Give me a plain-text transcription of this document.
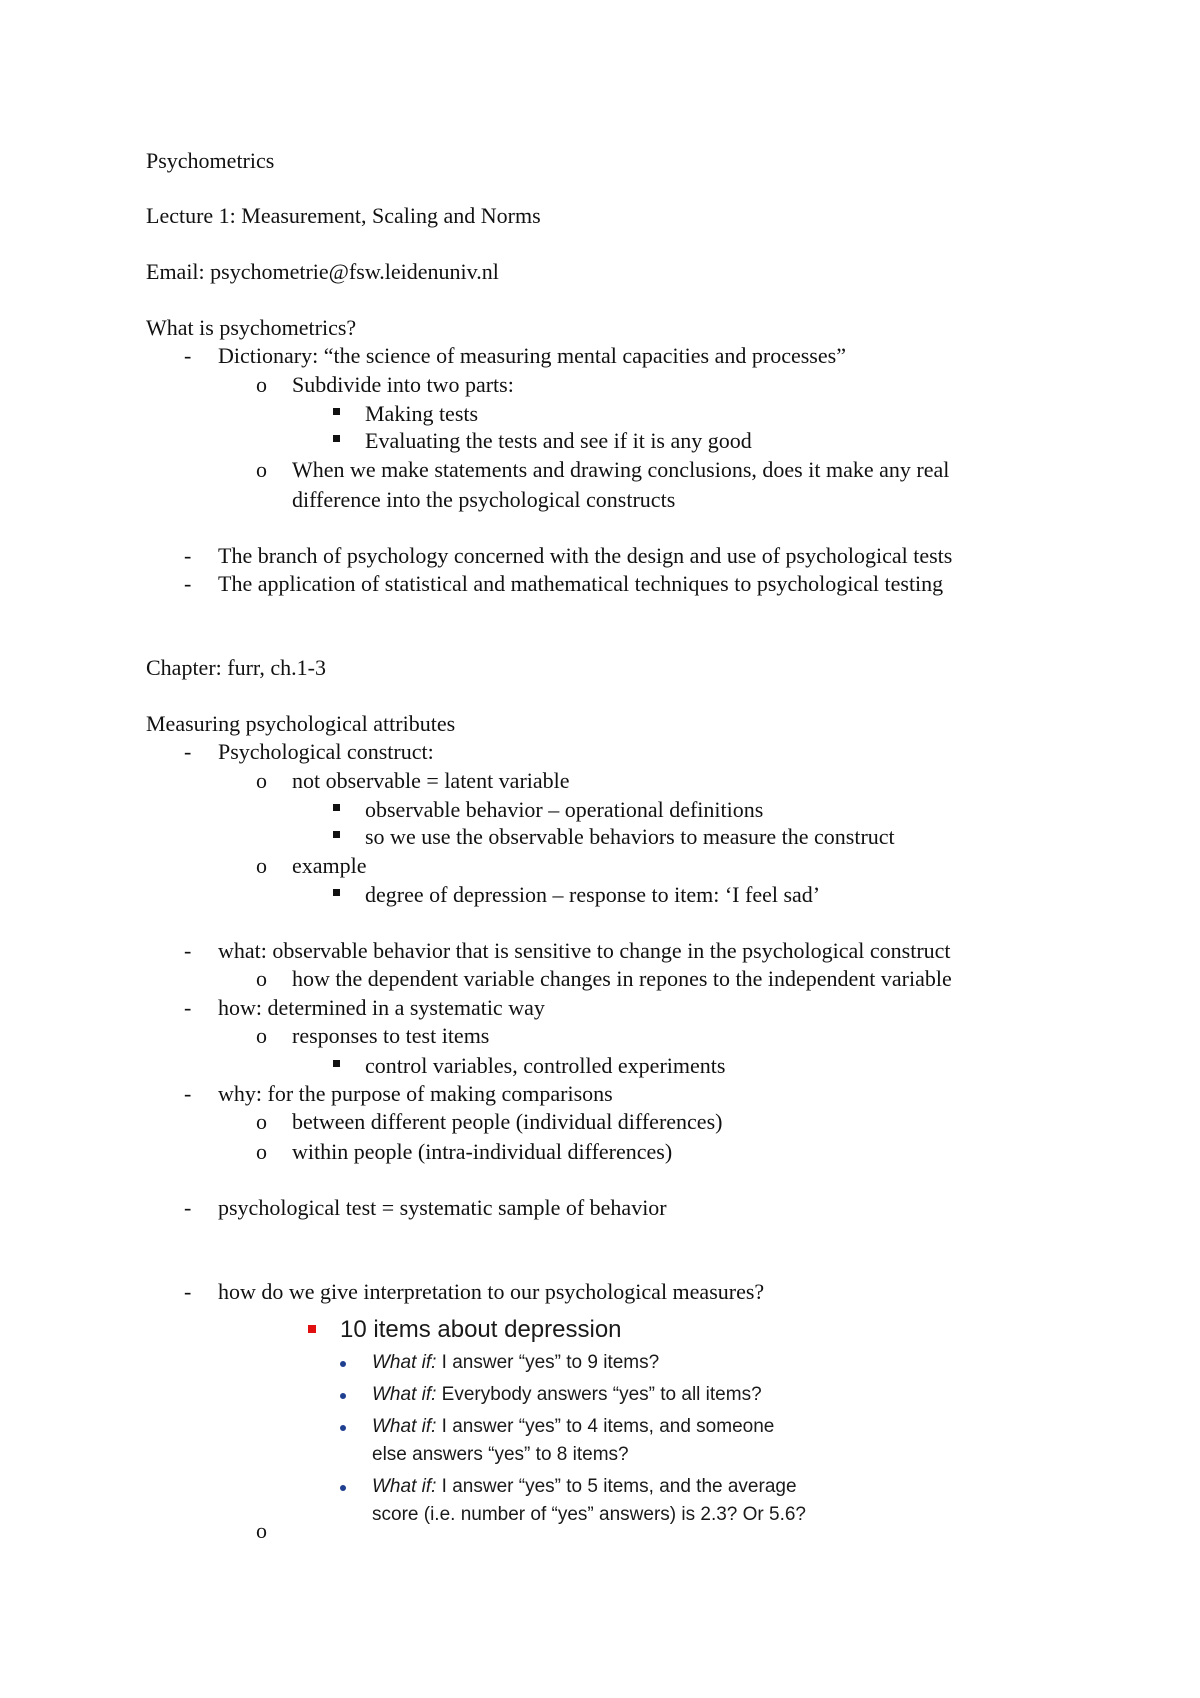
Psychometrics
Lecture 1: Measurement, Scaling and Norms
Email: psychometrie@fsw.leidenuniv.nl
What is psychometrics?
- Dictionary: “the science of measuring mental capacities and processes”
o Subdivide into two parts:
Making tests
Evaluating the tests and see if it is any good
o When we make statements and drawing conclusions, does it make any real
difference into the psychological constructs
- The branch of psychology concerned with the design and use of psychological tests
- The application of statistical and mathematical techniques to psychological testing
Chapter: furr, ch.1-3
Measuring psychological attributes
- Psychological construct:
o not observable = latent variable
observable behavior – operational definitions
so we use the observable behaviors to measure the construct
o example
degree of depression – response to item: ‘I feel sad’
- what: observable behavior that is sensitive to change in the psychological construct
o how the dependent variable changes in repones to the independent variable
- how: determined in a systematic way
o responses to test items
control variables, controlled experiments
- why: for the purpose of making comparisons
o between different people (individual differences)
o within people (intra-individual differences)
- psychological test = systematic sample of behavior
- how do we give interpretation to our psychological measures?
o
10 items about depression
What if: I answer “yes” to 9 items?
What if: Everybody answers “yes” to all items?
What if: I answer “yes” to 4 items, and someone
else answers “yes” to 8 items?
What if: I answer “yes” to 5 items, and the average
score (i.e. number of “yes” answers) is 2.3? Or 5.6?
